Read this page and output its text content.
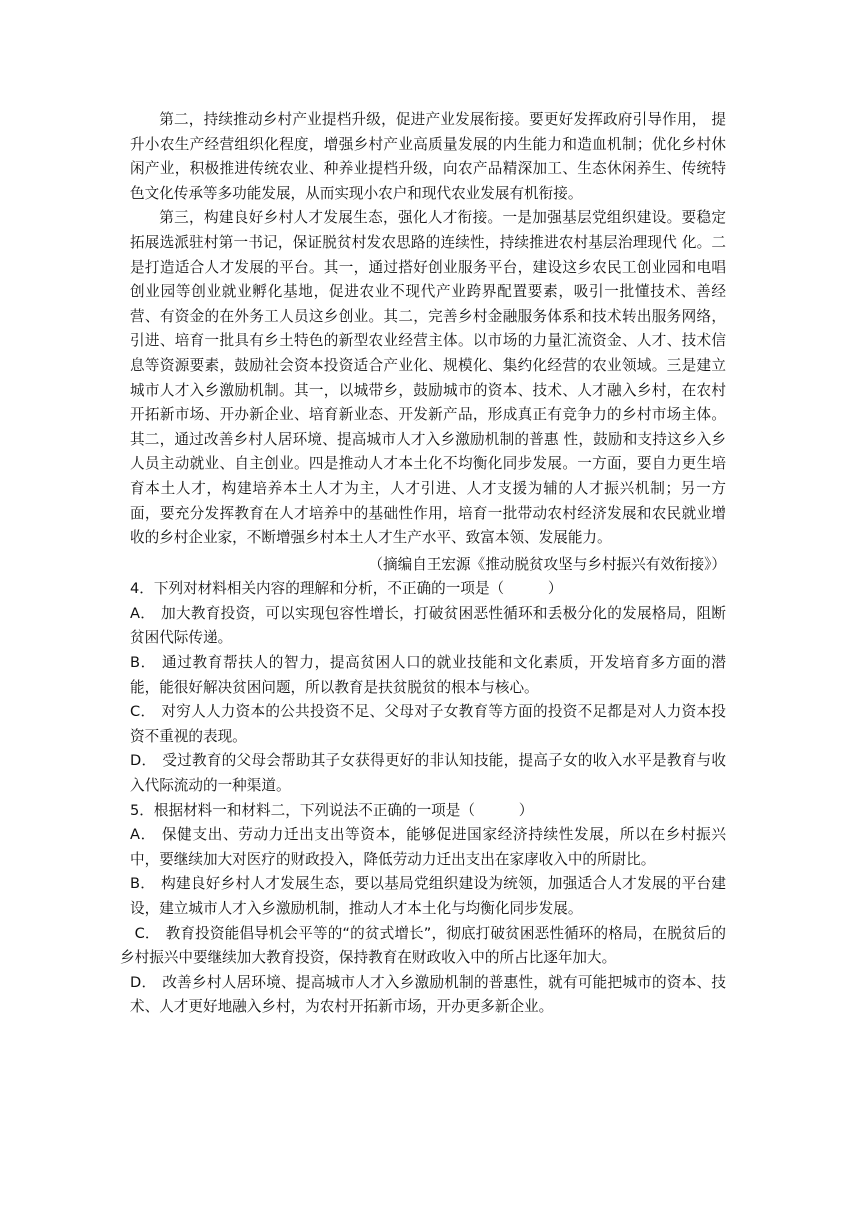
第二，持续推动乡村产业提档升级，促进产业发展衔接。要更好发挥政府引导作用， 提升小农生产经营组织化程度，增强乡村产业高质量发展的内生能力和造血机制；优化乡村休闲产业，积极推进传统农业、种养业提档升级，向农产品精深加工、生态休闲养生、传统特色文化传承等多功能发展，从而实现小农户和现代农业发展有机衔接。

第三，构建良好乡村人才发展生态，强化人才衔接。一是加强基层党组织建设。要稳定拓展选派驻村第一书记，保证脱贫村发农思路的连续性，持续推进农村基层治理现代 化。二是打造适合人才发展的平台。其一，通过搭好创业服务平台，建设这乡农民工创业园和电唱创业园等创业就业孵化基地，促进农业不现代产业跨界配置要素，吸引一批懂技术、善经营、有资金的在外务工人员这乡创业。其二，完善乡村金融服务体系和技术转出服务网络，引进、培育一批具有乡土特色的新型农业经营主体。以市场的力量汇流资金、人才、技术信息等资源要素，鼓励社会资本投资适合产业化、规模化、集约化经营的农业领域。三是建立城市人才入乡激励机制。其一，以城带乡，鼓励城市的资本、技术、人才融入乡村，在农村开拓新市场、开办新企业、培育新业态、开发新产品，形成真正有竞争力的乡村市场主体。其二，通过改善乡村人居环境、提高城市人才入乡激励机制的普惠 性，鼓励和支持这乡入乡人员主动就业、自主创业。四是推动人才本土化不均衡化同步发展。一方面，要自力更生培育本土人才，构建培养本土人才为主，人才引进、人才支援为辅的人才振兴机制；另一方面，要充分发挥教育在人才培养中的基础性作用，培育一批带动农村经济发展和农民就业增收的乡村企业家，不断增强乡村本土人才生产水平、致富本领、发展能力。

（摘编自王宏源《推动脱贫攻坚与乡村振兴有效衔接》）

4．下列对材料相关内容的理解和分析，不正确的一项是（　　　）

A． 加大教育投资，可以实现包容性增长，打破贫困恶性循环和丢极分化的发展格局，阻断贫困代际传递。

B． 通过教育帮扶人的智力，提高贫困人口的就业技能和文化素质，开发培育多方面的潜能，能很好解决贫困问题，所以教育是扶贫脱贫的根本与核心。

C． 对穷人人力资本的公共投资不足、父母对子女教育等方面的投资不足都是对人力资本投资不重视的表现。

D． 受过教育的父母会帮助其子女获得更好的非认知技能，提高子女的收入水平是教育与收入代际流动的一种渠道。

5．根据材料一和材料二，下列说法不正确的一项是（　　　）

A． 保健支出、劳动力迁出支出等资本，能够促进国家经济持续性发展，所以在乡村振兴中，要继续加大对医疗的财政投入，降低劳动力迁出支出在家庨收入中的所尉比。

B． 构建良好乡村人才发展生态，要以基局党组织建设为统领，加强适合人才发展的平台建设，建立城市人才入乡激励机制，推动人才本土化与均衡化同步发展。

C． 教育投资能倡导机会平等的“的贫式增长”，彻底打破贫困恶性循环的格局，在脱贫后的乡村振兴中要继续加大教育投资，保持教育在财政收入中的所占比逐年加大。

D． 改善乡村人居环境、提高城市人才入乡激励机制的普惠性，就有可能把城市的资本、技术、人才更好地融入乡村，为农村开拓新市场，开办更多新企业。
